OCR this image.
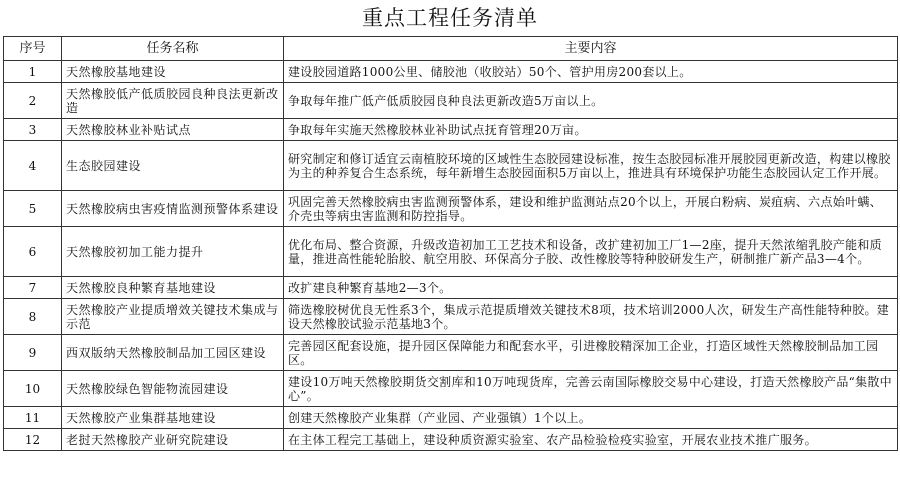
重点工程任务清单
序号	任务名称	主要内容
1	天然橡胶基地建设	建设胶园道路1000公里、储胶池（收胶站）50个、管护用房200套以上。
2	天然橡胶低产低质胶园良种良法更新改造	争取每年推广低产低质胶园良种良法更新改造5万亩以上。
3	天然橡胶林业补贴试点	争取每年实施天然橡胶林业补助试点抚育管理20万亩。
4	生态胶园建设	研究制定和修订适宜云南植胶环境的区域性生态胶园建设标准，按生态胶园标准开展胶园更新改造，构建以橡胶为主的种养复合生态系统，每年新增生态胶园面积5万亩以上，推进具有环境保护功能生态胶园认定工作开展。
5	天然橡胶病虫害疫情监测预警体系建设	巩固完善天然橡胶病虫害监测预警体系，建设和维护监测站点20个以上，开展白粉病、炭疽病、六点始叶螨、介壳虫等病虫害监测和防控指导。
6	天然橡胶初加工能力提升	优化布局、整合资源，升级改造初加工工艺技术和设备，改扩建初加工厂1—2座，提升天然浓缩乳胶产能和质量，推进高性能轮胎胶、航空用胶、环保高分子胶、改性橡胶等特种胶研发生产，研制推广新产品3—4个。
7	天然橡胶良种繁育基地建设	改扩建良种繁育基地2—3个。
8	天然橡胶产业提质增效关键技术集成与示范	筛选橡胶树优良无性系3个，集成示范提质增效关键技术8项，技术培训2000人次，研发生产高性能特种胶。建设天然橡胶试验示范基地3个。
9	西双版纳天然橡胶制品加工园区建设	完善园区配套设施，提升园区保障能力和配套水平，引进橡胶精深加工企业，打造区域性天然橡胶制品加工园区。
10	天然橡胶绿色智能物流园建设	建设10万吨天然橡胶期货交割库和10万吨现货库，完善云南国际橡胶交易中心建设，打造天然橡胶产品“集散中心”。
11	天然橡胶产业集群基地建设	创建天然橡胶产业集群（产业园、产业强镇）1个以上。
12	老挝天然橡胶产业研究院建设	在主体工程完工基础上，建设种质资源实验室、农产品检验检疫实验室，开展农业技术推广服务。
